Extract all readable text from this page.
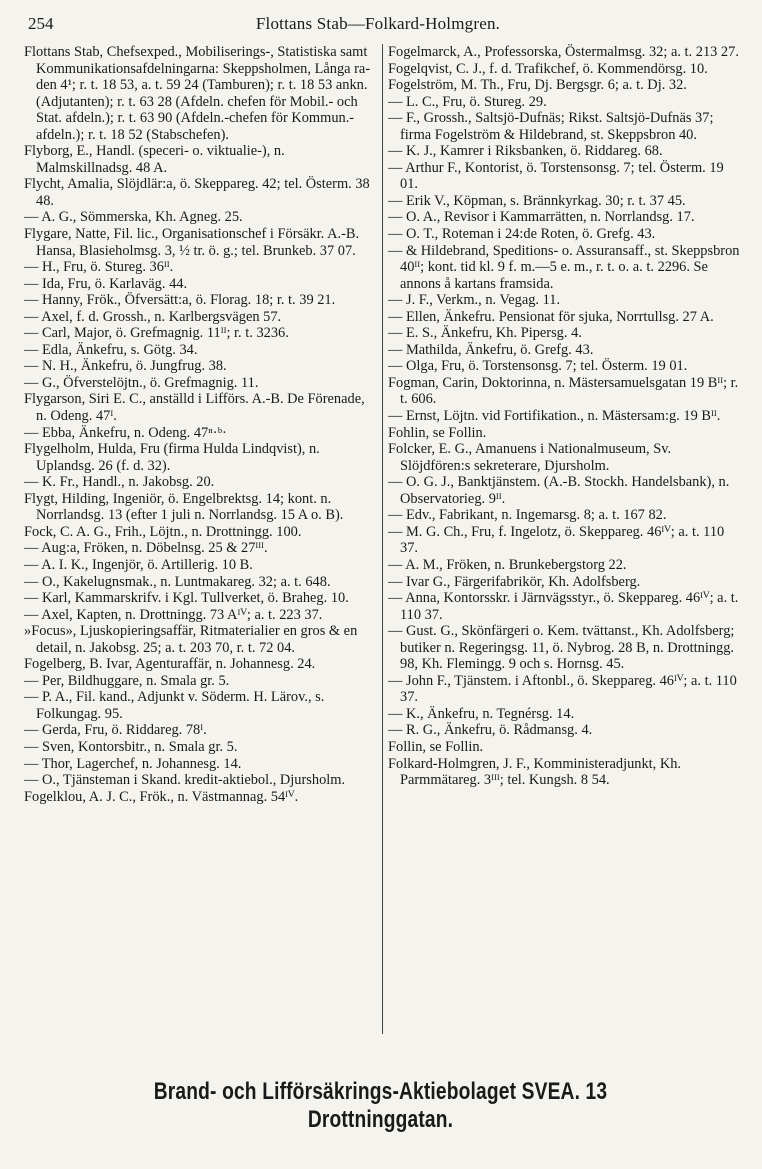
254	Flottans Stab—Folkard-Holmgren.

Flottans Stab, Chefsexped., Mobiliserings-, Statistiska samt Kommunikationsafdelningarna: Skeppsholmen, Långa raden 4¹; r. t. 18 53, a. t. 59 24 (Tamburen); r. t. 18 53 ankn. (Adjutanten); r. t. 63 28 (Afdeln. chefen för Mobil.- och Stat. afdeln.); r. t. 63 90 (Afdeln.-chefen för Kommun.-afdeln.); r. t. 18 52 (Stabschefen).

Flyborg, E., Handl. (speceri- o. viktualie-), n. Malmskillnadsg. 48 A.

Flycht, Amalia, Slöjdlär:a, ö. Skeppareg. 42; tel. Österm. 38 48.

— A. G., Sömmerska, Kh. Agneg. 25.

Flygare, Natte, Fil. lic., Organisationschef i Försäkr. A.-B. Hansa, Blasieholmsg. 3, ½ tr. ö. g.; tel. Brunkeb. 37 07.

— H., Fru, ö. Stureg. 36ᴵᴵ.

— Ida, Fru, ö. Karlaväg. 44.

— Hanny, Frök., Öfversätt:a, ö. Florag. 18; r. t. 39 21.

— Axel, f. d. Grossh., n. Karlbergsvägen 57.

— Carl, Major, ö. Grefmagnig. 11ᴵᴵ; r. t. 3236.

— Edla, Änkefru, s. Götg. 34.

— N. H., Änkefru, ö. Jungfrug. 38.

— G., Öfverstelöjtn., ö. Grefmagnig. 11.

Flygarson, Siri E. C., anställd i Lifförs. A.-B. De Förenade, n. Odeng. 47ᴵ.

— Ebba, Änkefru, n. Odeng. 47ⁿ·ᵇ·

Flygelholm, Hulda, Fru (firma Hulda Lindqvist), n. Uplandsg. 26 (f. d. 32).

— K. Fr., Handl., n. Jakobsg. 20.

Flygt, Hilding, Ingeniör, ö. Engelbrektsg. 14; kont. n. Norrlandsg. 13 (efter 1 juli n. Norrlandsg. 15 A o. B).

Fock, C. A. G., Frih., Löjtn., n. Drottningg. 100.

— Aug:a, Fröken, n. Döbelnsg. 25 & 27ᴵᴵᴵ.

— A. I. K., Ingenjör, ö. Artillerig. 10 B.

— O., Kakelugnsmak., n. Luntmakareg. 32; a. t. 648.

— Karl, Kammarskrifv. i Kgl. Tullverket, ö. Braheg. 10.

— Axel, Kapten, n. Drottningg. 73 Aᴵⱽ; a. t. 223 37.

»Focus», Ljuskopieringsaffär, Ritmaterialier en gros & en detail, n. Jakobsg. 25; a. t. 203 70, r. t. 72 04.

Fogelberg, B. Ivar, Agenturaffär, n. Johannesg. 24.

— Per, Bildhuggare, n. Smala gr. 5.

— P. A., Fil. kand., Adjunkt v. Söderm. H. Lärov., s. Folkungag. 95.

— Gerda, Fru, ö. Riddareg. 78ᴵ.

— Sven, Kontorsbitr., n. Smala gr. 5.

— Thor, Lagerchef, n. Johannesg. 14.

— O., Tjänsteman i Skand. kredit-aktiebol., Djursholm.

Fogelklou, A. J. C., Frök., n. Västmannag. 54ᴵⱽ.

Fogelmarck, A., Professorska, Östermalmsg. 32; a. t. 213 27.

Fogelqvist, C. J., f. d. Trafikchef, ö. Kommendörsg. 10.

Fogelström, M. Th., Fru, Dj. Bergsgr. 6; a. t. Dj. 32.

— L. C., Fru, ö. Stureg. 29.

— F., Grossh., Saltsjö-Dufnäs; Rikst. Saltsjö-Dufnäs 37; firma Fogelström & Hildebrand, st. Skeppsbron 40.

— K. J., Kamrer i Riksbanken, ö. Riddareg. 68.

— Arthur F., Kontorist, ö. Torstensonsg. 7; tel. Österm. 19 01.

— Erik V., Köpman, s. Brännkyrkag. 30; r. t. 37 45.

— O. A., Revisor i Kammarrätten, n. Norrlandsg. 17.

— O. T., Roteman i 24:de Roten, ö. Grefg. 43.

— & Hildebrand, Speditions- o. Assuransaff., st. Skeppsbron 40ᴵᴵ; kont. tid kl. 9 f. m.—5 e. m., r. t. o. a. t. 2296. Se annons å kartans framsida.

— J. F., Verkm., n. Vegag. 11.

— Ellen, Änkefru. Pensionat för sjuka, Norrtullsg. 27 A.

— E. S., Änkefru, Kh. Pipersg. 4.

— Mathilda, Änkefru, ö. Grefg. 43.

— Olga, Fru, ö. Torstensonsg. 7; tel. Österm. 19 01.

Fogman, Carin, Doktorinna, n. Mästersamuelsgatan 19 Bᴵᴵ; r. t. 606.

— Ernst, Löjtn. vid Fortifikation., n. Mästersam:g. 19 Bᴵᴵ.

Fohlin, se Follin.

Folcker, E. G., Amanuens i Nationalmuseum, Sv. Slöjdfören:s sekreterare, Djursholm.

— O. G. J., Banktjänstem. (A.-B. Stockh. Handelsbank), n. Observatorieg. 9ᴵᴵ.

— Edv., Fabrikant, n. Ingemarsg. 8; a. t. 167 82.

— M. G. Ch., Fru, f. Ingelotz, ö. Skeppareg. 46ᴵⱽ; a. t. 110 37.

— A. M., Fröken, n. Brunkebergstorg 22.

— Ivar G., Färgerifabrikör, Kh. Adolfsberg.

— Anna, Kontorsskr. i Järnvägsstyr., ö. Skeppareg. 46ᴵⱽ; a. t. 110 37.

— Gust. G., Skönfärgeri o. Kem. tvättanst., Kh. Adolfsberg; butiker n. Regeringsg. 11, ö. Nybrog. 28 B, n. Drottningg. 98, Kh. Flemingg. 9 och s. Hornsg. 45.

— John F., Tjänstem. i Aftonbl., ö. Skeppareg. 46ᴵⱽ; a. t. 110 37.

— K., Änkefru, n. Tegnérsg. 14.

— R. G., Änkefru, ö. Rådmansg. 4.

Follin, se Follin.

Folkard-Holmgren, J. F., Komministeradjunkt, Kh. Parmmätareg. 3ᴵᴵᴵ; tel. Kungsh. 8 54.

Brand- och Lifförsäkrings-Aktiebolaget SVEA. 13 Drottninggatan.
